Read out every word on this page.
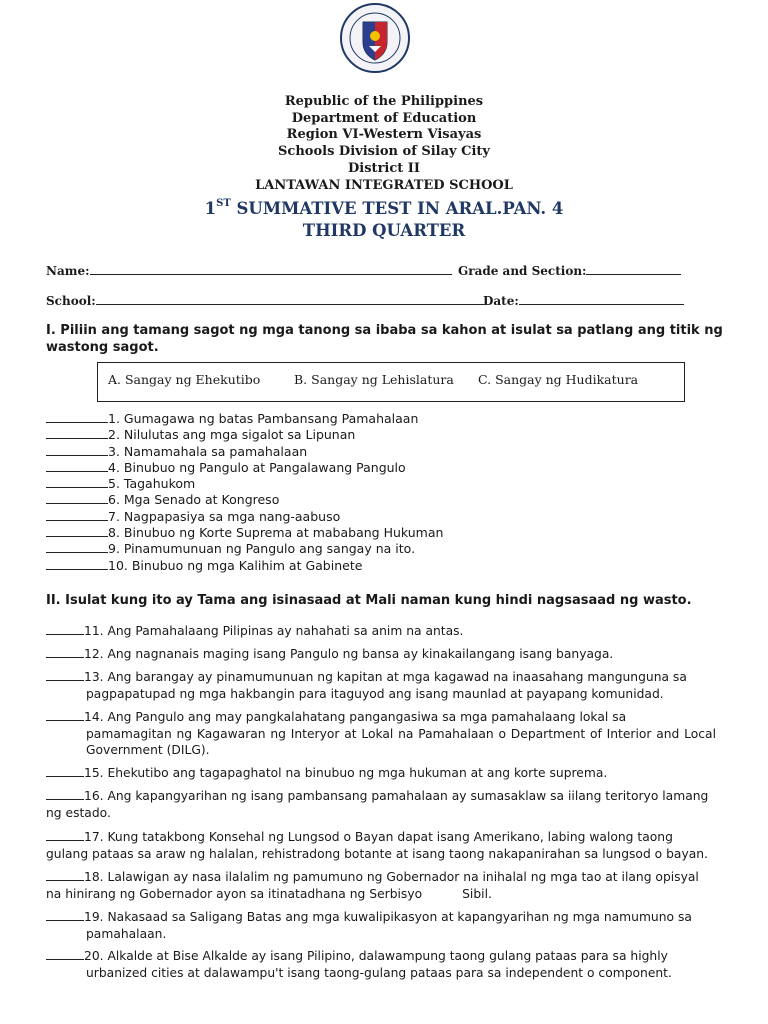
Republic of the Philippines
Department of Education
Region VI-Western Visayas
Schools Division of Silay City
District II
LANTAWAN INTEGRATED SCHOOL
1ST SUMMATIVE TEST IN ARAL.PAN. 4
THIRD QUARTER
Name:	Grade and Section:
School:	Date:
I. Piliin ang tamang sagot ng mga tanong sa ibaba sa kahon at isulat sa patlang ang titik ng wastong sagot.
A. Sangay ng Ehekutibo	B. Sangay ng Lehislatura C. Sangay ng Hudikatura
1. Gumagawa ng batas Pambansang Pamahalaan
2. Nilulutas ang mga sigalot sa Lipunan
3. Namamahala sa pamahalaan
4. Binubuo ng Pangulo at Pangalawang Pangulo
5. Tagahukom
6. Mga Senado at Kongreso
7. Nagpapasiya sa mga nang-aabuso
8. Binubuo ng Korte Suprema at mababang Hukuman
9. Pinamumunuan ng Pangulo ang sangay na ito.
10. Binubuo ng mga Kalihim at Gabinete
II. Isulat kung ito ay Tama ang isinasaad at Mali naman kung hindi nagsasaad ng wasto.
11. Ang Pamahalaang Pilipinas ay nahahati sa anim na antas.
12. Ang nagnanais maging isang Pangulo ng bansa ay kinakailangang isang banyaga.
13. Ang barangay ay pinamumunuan ng kapitan at mga kagawad na inaasahang mangunguna sa
pagpapatupad ng mga hakbangin para itaguyod ang isang maunlad at payapang komunidad.
14. Ang Pangulo ang may pangkalahatang pangangasiwa sa mga pamahalaang lokal sa
pamamagitan ng Kagawaran ng Interyor at Lokal na Pamahalaan o Department of Interior and Local Government (DILG).
15. Ehekutibo ang tagapaghatol na binubuo ng mga hukuman at ang korte suprema.
16. Ang kapangyarihan ng isang pambansang pamahalaan ay sumasaklaw sa iilang teritoryo lamang
ng estado.
17. Kung tatakbong Konsehal ng Lungsod o Bayan dapat isang Amerikano, labing walong taong
gulang pataas sa araw ng halalan, rehistradong botante at isang taong nakapanirahan sa lungsod o bayan.
18. Lalawigan ay nasa ilalalim ng pamumuno ng Gobernador na inihalal ng mga tao at ilang opisyal
na hinirang ng Gobernador ayon sa itinatadhana ng Serbisyo	Sibil.
19. Nakasaad sa Saligang Batas ang mga kuwalipikasyon at kapangyarihan ng mga namumuno sa
pamahalaan.
20. Alkalde at Bise Alkalde ay isang Pilipino, dalawampung taong gulang pataas para sa highly
urbanized cities at dalawampu't isang taong-gulang pataas para sa independent o component.
